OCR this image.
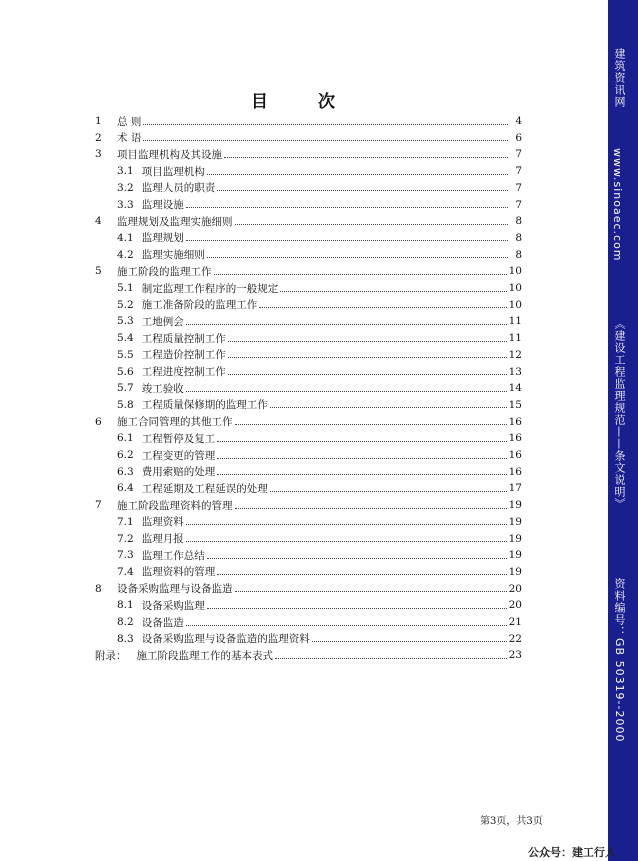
目 次
1	总 则	4
2	术 语	6
3	项目监理机构及其设施	7
3.1 项目监理机构	7
3.2 监理人员的职责	7
3.3 监理设施	7
4	监理规划及监理实施细则	8
4.1 监理规划	8
4.2 监理实施细则	8
5	施工阶段的监理工作	10
5.1 制定监理工作程序的一般规定	10
5.2 施工准备阶段的监理工作	10
5.3 工地例会	11
5.4 工程质量控制工作	11
5.5 工程造价控制工作	12
5.6 工程进度控制工作	13
5.7 竣工验收	14
5.8 工程质量保修期的监理工作	15
6	施工合同管理的其他工作	16
6.1 工程暂停及复工	16
6.2 工程变更的管理	16
6.3 费用索赔的处理	16
6.4 工程延期及工程延误的处理	17
7	施工阶段监理资料的管理	19
7.1 监理资料	19
7.2 监理月报	19
7.3 监理工作总结	19
7.4 监理资料的管理	19
8	设备采购监理与设备监造	20
8.1 设备采购监理	20
8.2 设备监造	21
8.3 设备采购监理与设备监造的监理资料	22
附录： 施工阶段监理工作的基本表式	23
第3页，共3页
建筑资讯网
www.sinoaec.com
《建设工程监理规范——条文说明》
资料编号：GB 50319--2000
公众号：建工行人
